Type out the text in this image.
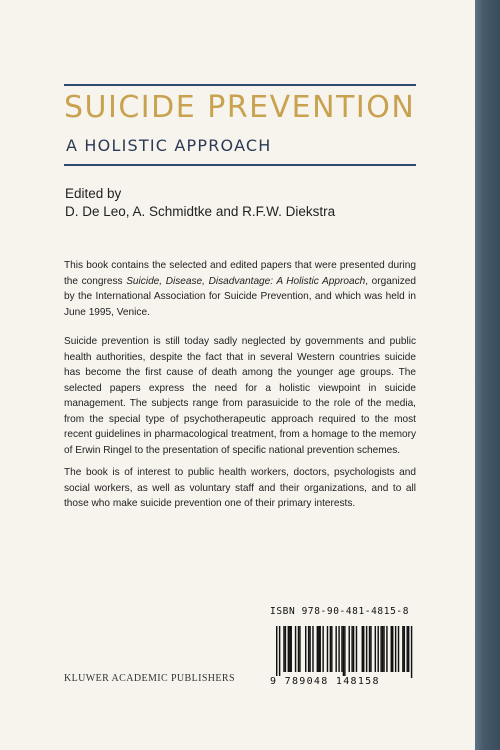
SUICIDE PREVENTION
A HOLISTIC APPROACH
Edited by
D. De Leo, A. Schmidtke and R.F.W. Diekstra

This book contains the selected and edited papers that were presented during the congress Suicide, Disease, Disadvantage: A Holistic Approach, organized by the International Association for Suicide Prevention, and which was held in June 1995, Venice.

Suicide prevention is still today sadly neglected by governments and public health authorities, despite the fact that in several Western countries suicide has become the first cause of death among the younger age groups. The selected papers express the need for a holistic viewpoint in suicide management. The subjects range from parasuicide to the role of the media, from the special type of psychotherapeutic approach required to the most recent guidelines in pharmacological treatment, from a homage to the memory of Erwin Ringel to the presentation of specific national prevention schemes.

The book is of interest to public health workers, doctors, psychologists and social workers, as well as voluntary staff and their organizations, and to all those who make suicide prevention one of their primary interests.

ISBN 978-90-481-4815-8
9 789048 148158
KLUWER ACADEMIC PUBLISHERS
